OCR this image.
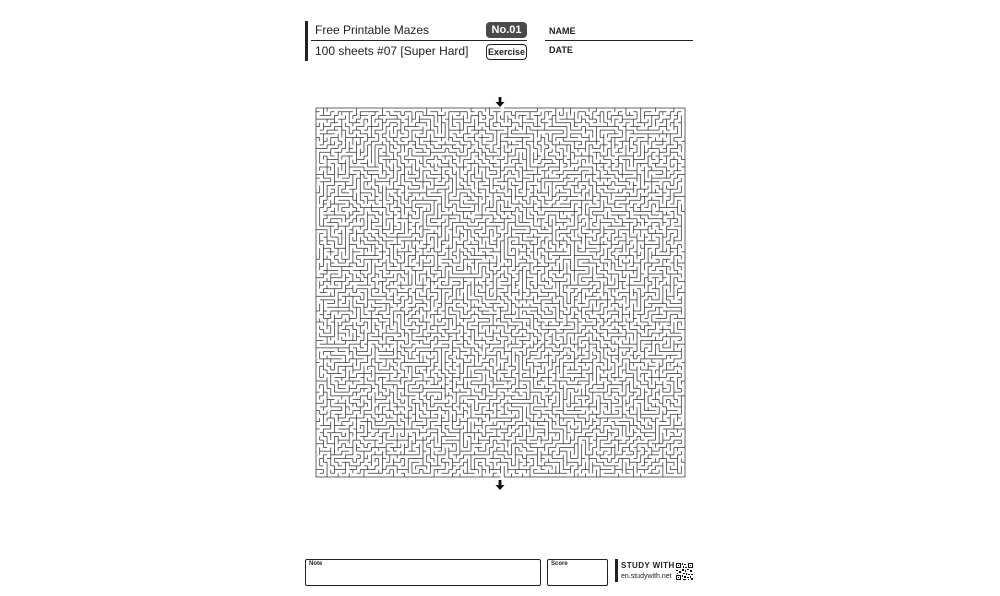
Free Printable Mazes
100 sheets #07 [Super Hard]
No.01
Exercise
NAME
DATE
Note	Score	STUDY WITH
en.studywith.net
